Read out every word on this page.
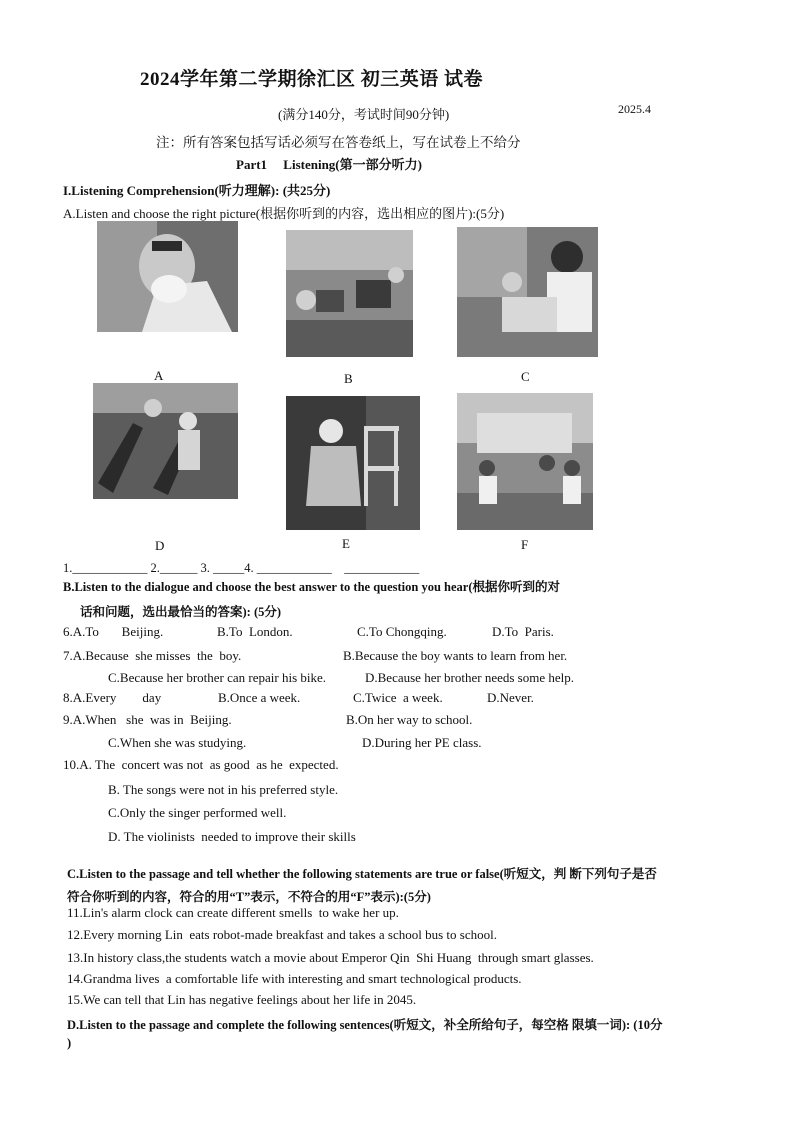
2024学年第二学期徐汇区 初三英语 试卷
(满分140分，考试时间90分钟)	2025.4
注：所有答案包括写话必须写在答卷纸上，写在试卷上不给分
Part1     Listening(第一部分听力)
I.Listening Comprehension(听力理解): (共25分)
A.Listen and choose the right picture(根据你听到的内容，选出相应的图片):(5分)
A	B	C
D	E	F
1.____________ 2.______ 3. _____4. ____________    ____________
B.Listen to the dialogue and choose the best answer to the question you hear(根据你听到的对
话和问题，选出最恰当的答案): (5分)
6.A.To       Beijing.	B.To  London.	C.To Chongqing.	D.To  Paris.
7.A.Because  she misses  the  boy.	B.Because the boy wants to learn from her.
C.Because her brother can repair his bike.	D.Because her brother needs some help.
8.A.Every        day	B.Once a week.	C.Twice  a week.	D.Never.
9.A.When   she  was in  Beijing.	B.On her way to school.
C.When she was studying.	D.During her PE class.
10.A. The  concert was not  as good  as he  expected.
B. The songs were not in his preferred style.
C.Only the singer performed well.
D. The violinists  needed to improve their skills
C.Listen to the passage and tell whether the following statements are true or false(听短文，判 断下列句子是否
符合你听到的内容，符合的用“T”表示，不符合的用“F”表示):(5分)
11.Lin's alarm clock can create different smells  to wake her up.
12.Every morning Lin  eats robot-made breakfast and takes a school bus to school.
13.In history class,the students watch a movie about Emperor Qin  Shi Huang  through smart glasses.
14.Grandma lives  a comfortable life with interesting and smart technological products.
15.We can tell that Lin has negative feelings about her life in 2045.
D.Listen to the passage and complete the following sentences(听短文，补全所给句子，每空格 限填一词): (10分
)
